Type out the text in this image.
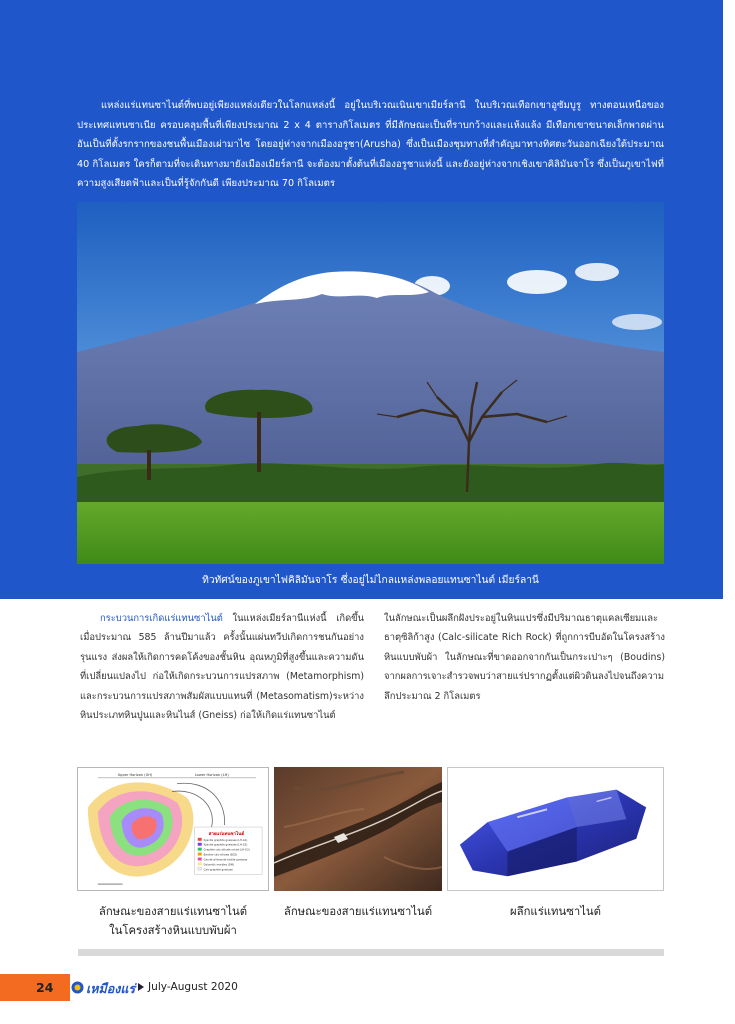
แหล่งแร่แทนซาไนต์ที่พบอยู่เพียงแหล่งเดียวในโลกแหล่งนี้ อยู่ในบริเวณเนินเขาเมียร์ลานี ในบริเวณเทือกเขาอูซัมบูรู ทางตอนเหนือของประเทศแทนซาเนีย ครอบคลุมพื้นที่เพียงประมาณ 2 x 4 ตารางกิโลเมตร ที่มีลักษณะเป็นที่ราบกว้างและแห้งแล้ง มีเทือกเขาขนาดเล็กพาดผ่าน อันเป็นที่ตั้งรกรากของชนพื้นเมืองเผ่ามาไซ โดยอยู่ห่างจากเมืองอรูชา(Arusha) ซึ่งเป็นเมืองชุมทางที่สำคัญมาทางทิศตะวันออกเฉียงใต้ประมาณ 40 กิโลเมตร ใครก็ตามที่จะเดินทางมายังเมืองเมียร์ลานี จะต้องมาตั้งต้นที่เมืองอรูชาแห่งนี้ และยังอยู่ห่างจากเชิงเขาคิลิมันจาโร ซึ่งเป็นภูเขาไฟที่ความสูงเสียดฟ้าและเป็นที่รู้จักกันดี เพียงประมาณ 70 กิโลเมตร

ทิวทัศน์ของภูเขาไฟคิลิมันจาโร ซึ่งอยู่ไม่ไกลแหล่งพลอยแทนซาไนต์ เมียร์ลานี

กระบวนการเกิดแร่แทนซาไนต์ ในแหล่งเมียร์ลานีแห่งนี้ เกิดขึ้นเมื่อประมาณ 585 ล้านปีมาแล้ว ครั้งนั้นแผ่นทวีปเกิดการชนกันอย่างรุนแรง ส่งผลให้เกิดการคดโค้งของชั้นหิน อุณหภูมิที่สูงขึ้นและความดันที่เปลี่ยนแปลงไป ก่อให้เกิดกระบวนการแปรสภาพ (Metamorphism) และกระบวนการแปรสภาพสัมผัสแบบแทนที่ (Metasomatism)ระหว่างหินประเภทหินปูนและหินไนส์ (Gneiss) ก่อให้เกิดแร่แทนซาไนต์

ในลักษณะเป็นผลึกฝังประอยู่ในหินแปรซึ่งมีปริมาณธาตุแคลเซียมและธาตุซิลิก้าสูง (Calc-silicate Rich Rock) ที่ถูกการบีบอัดในโครงสร้างหินแบบพับผ้า ในลักษณะที่ขาดออกจากกันเป็นกระเปาะๆ (Boudins) จากผลการเจาะสำรวจพบว่าสายแร่ปรากฏตั้งแต่ผิวดินลงไปจนถึงความลึกประมาณ 2 กิโลเมตร

Upper Horizon (UH)	Lower Horizon (LH)
สายแร่แทนซาไนต์
Kyanite graphite gneisses (LH-G1)
Kyanite graphite gneisses (LH-G2)
Graphite calc-silicate schist (LH-G3)
Banded calc-silicate (BCS)
Garnet sillimanite biotite gneisses
Dolomitic marbles (DM)
Calc-graphite gneisses

ลักษณะของสายแร่แทนซาไนต์
ในโครงสร้างหินแบบพับผ้า

ลักษณะของสายแร่แทนซาไนต์	ผลึกแร่แทนซาไนต์

24	เหมืองแร่ July-August 2020
